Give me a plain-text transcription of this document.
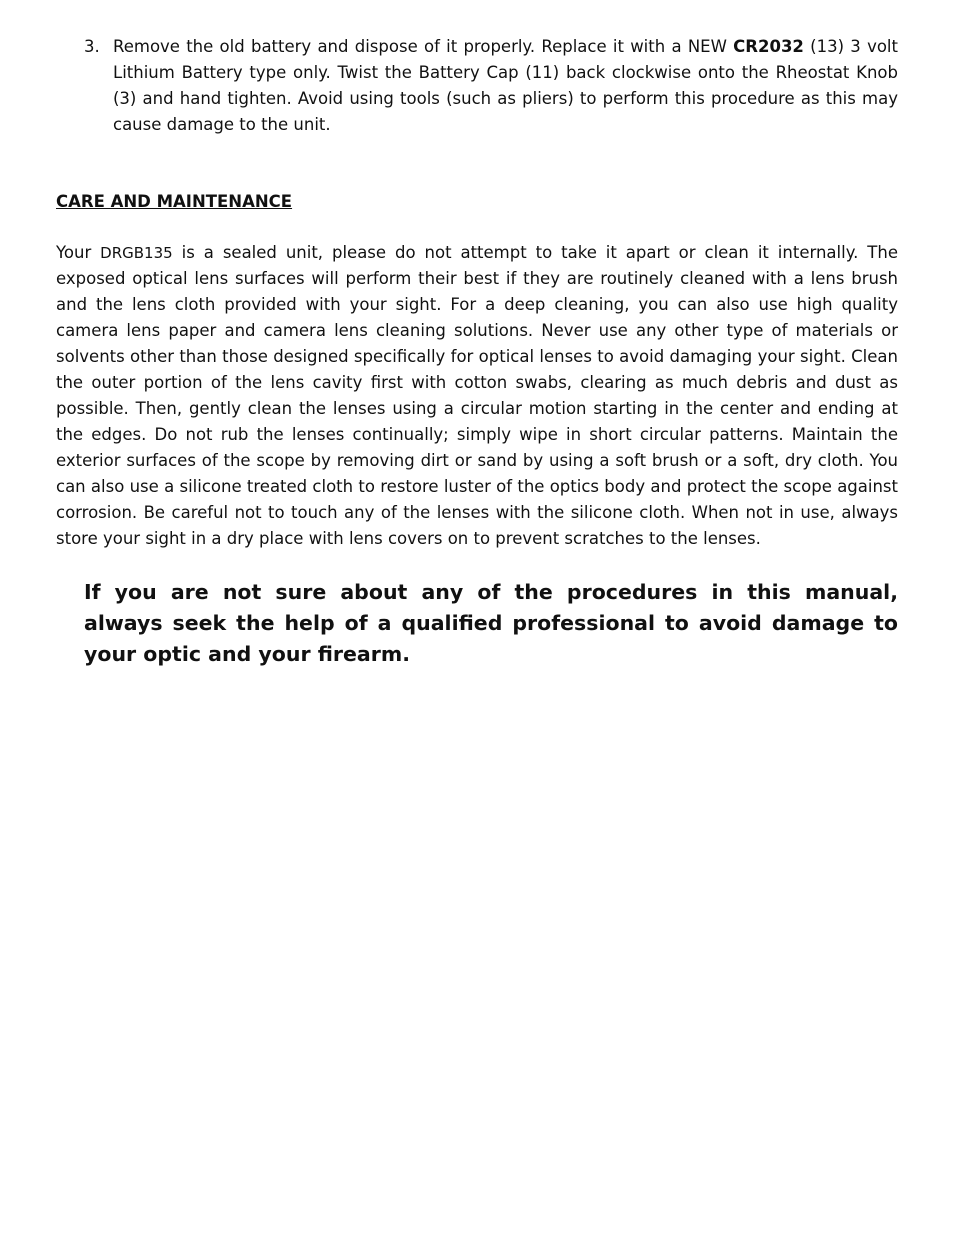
3. Remove the old battery and dispose of it properly. Replace it with a NEW CR2032 (13) 3 volt Lithium Battery type only. Twist the Battery Cap (11) back clockwise onto the Rheostat Knob (3) and hand tighten. Avoid using tools (such as pliers) to perform this procedure as this may cause damage to the unit.
CARE AND MAINTENANCE

Your DRGB135 is a sealed unit, please do not attempt to take it apart or clean it internally. The exposed optical lens surfaces will perform their best if they are routinely cleaned with a lens brush and the lens cloth provided with your sight. For a deep cleaning, you can also use high quality camera lens paper and camera lens cleaning solutions. Never use any other type of materials or solvents other than those designed specifically for optical lenses to avoid damaging your sight. Clean the outer portion of the lens cavity first with cotton swabs, clearing as much debris and dust as possible. Then, gently clean the lenses using a circular motion starting in the center and ending at the edges. Do not rub the lenses continually; simply wipe in short circular patterns. Maintain the exterior surfaces of the scope by removing dirt or sand by using a soft brush or a soft, dry cloth. You can also use a silicone treated cloth to restore luster of the optics body and protect the scope against corrosion. Be careful not to touch any of the lenses with the silicone cloth. When not in use, always store your sight in a dry place with lens covers on to prevent scratches to the lenses.

If you are not sure about any of the procedures in this manual, always seek the help of a qualified professional to avoid damage to your optic and your firearm.
